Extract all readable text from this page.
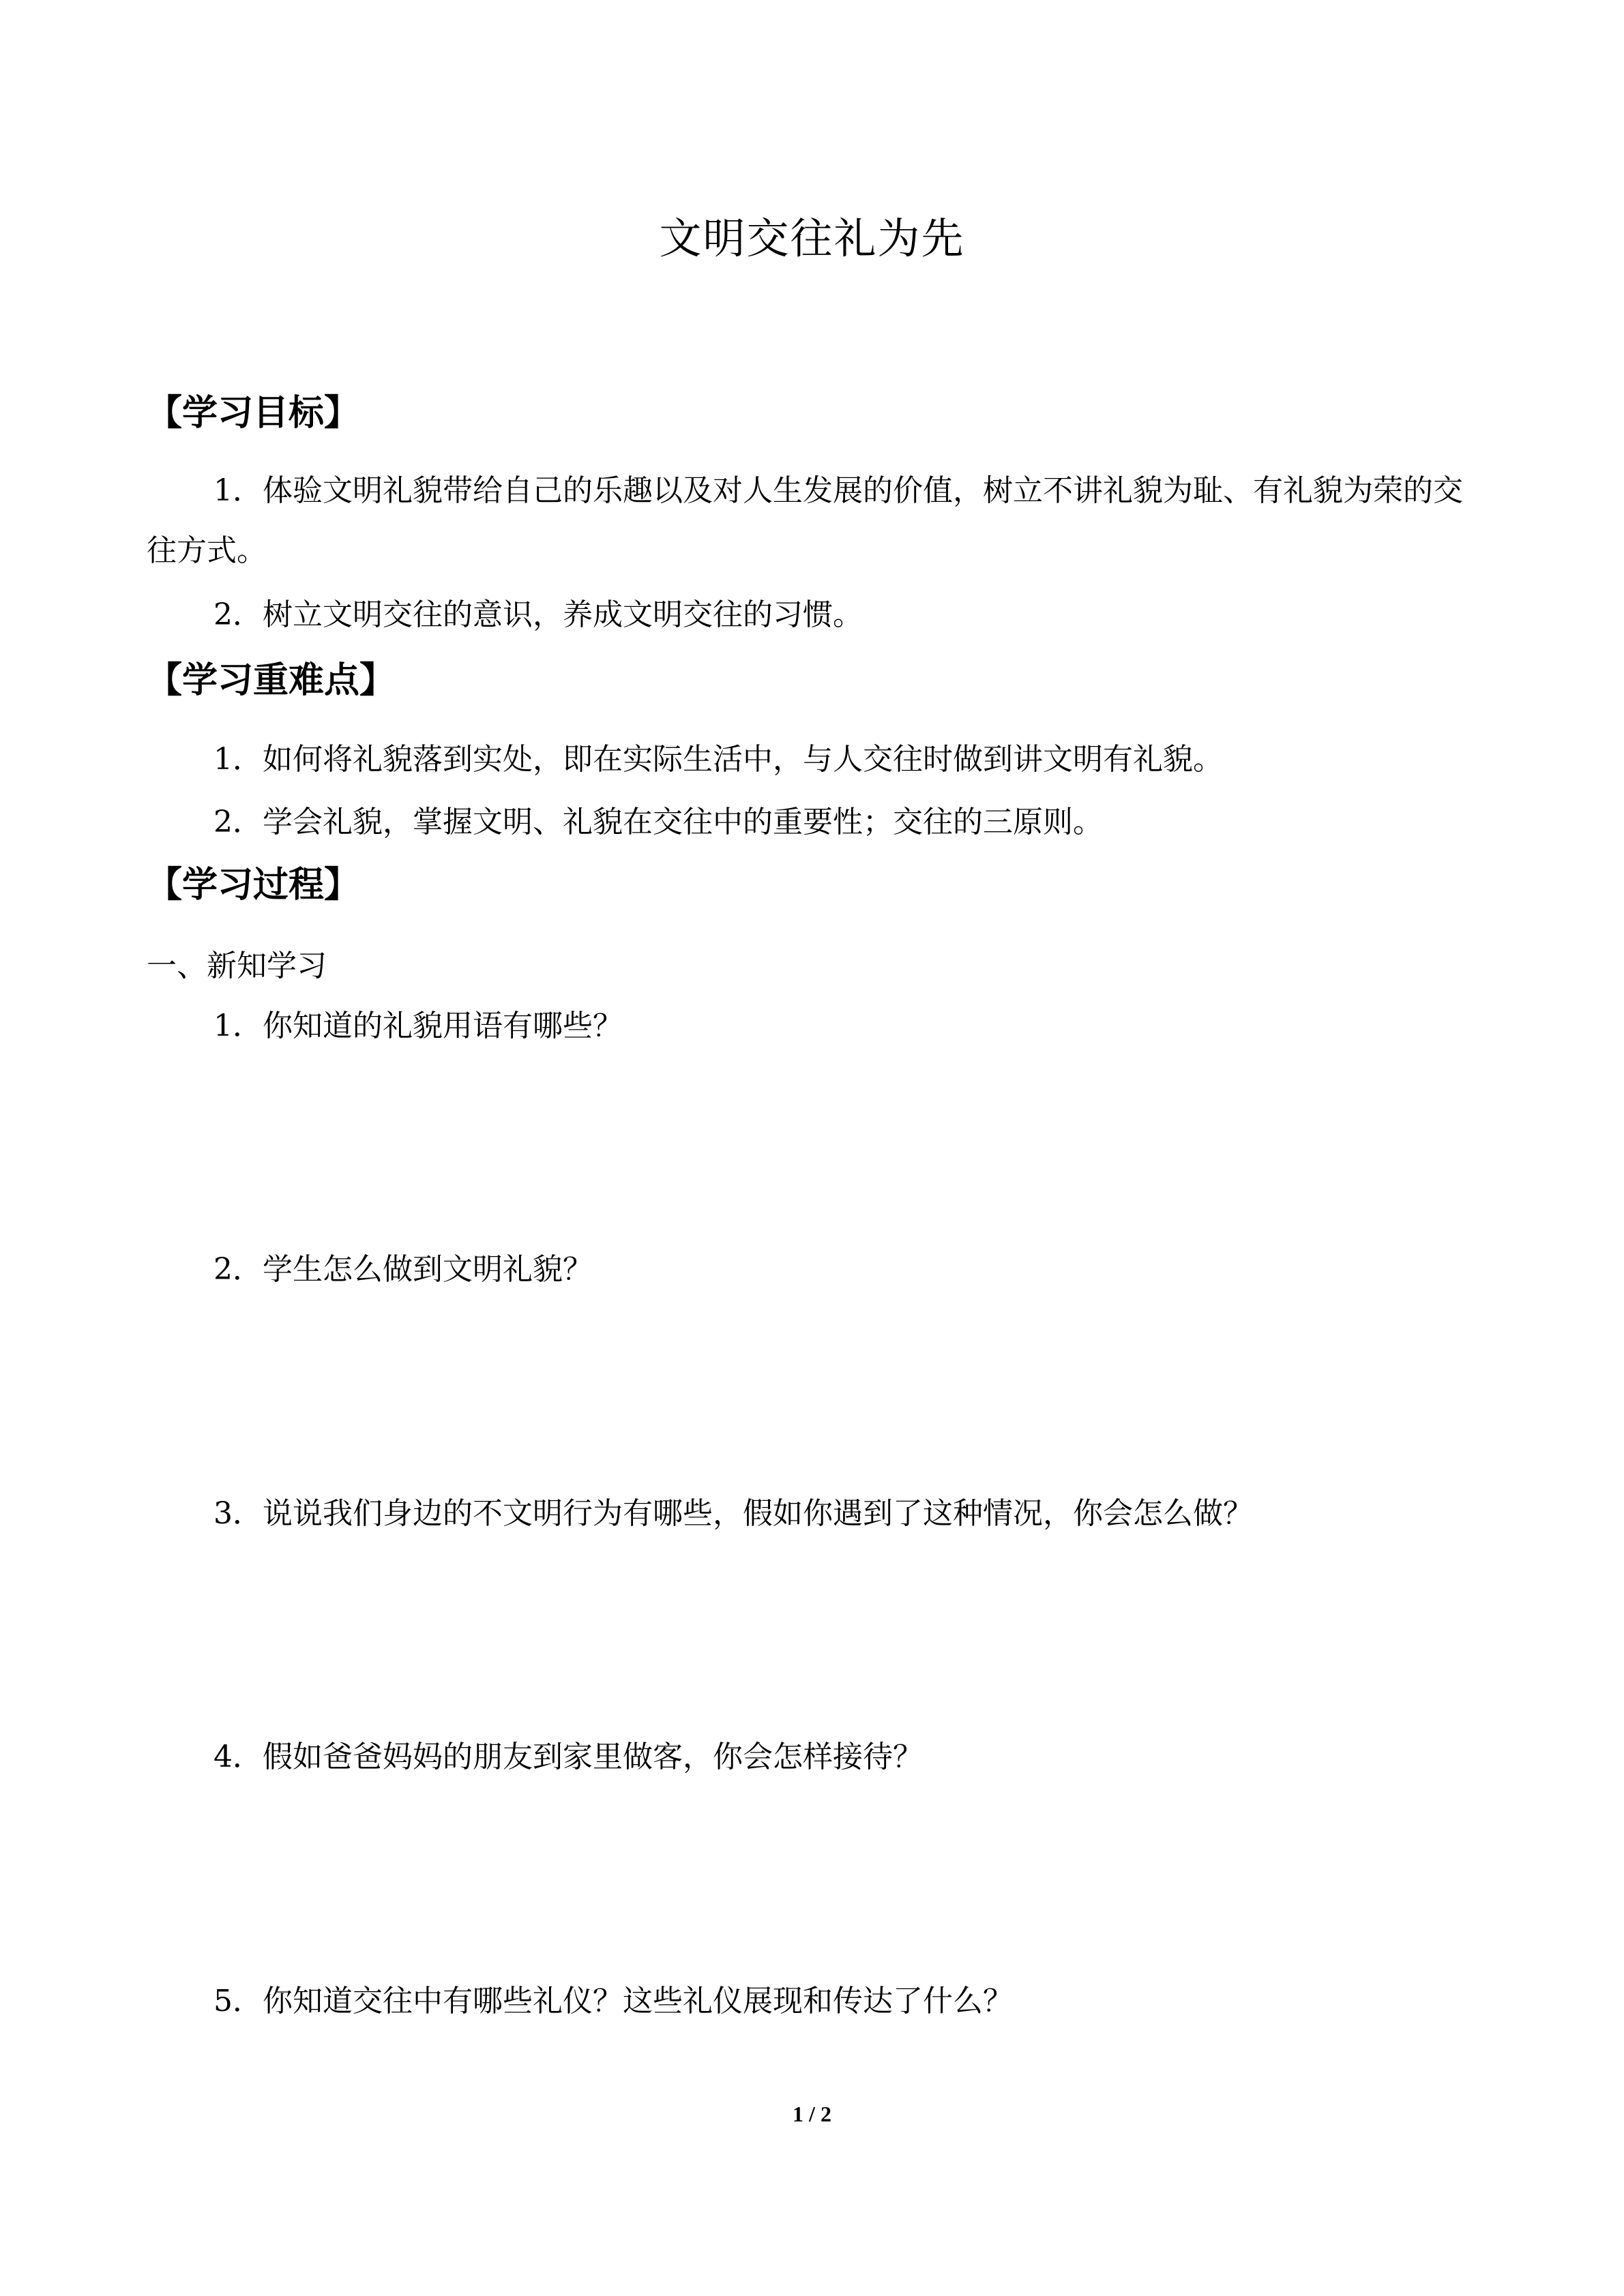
文明交往礼为先
【学习目标】
1．体验文明礼貌带给自己的乐趣以及对人生发展的价值，树立不讲礼貌为耻、有礼貌为荣的交往方式。
2．树立文明交往的意识，养成文明交往的习惯。
【学习重难点】
1．如何将礼貌落到实处，即在实际生活中，与人交往时做到讲文明有礼貌。
2．学会礼貌，掌握文明、礼貌在交往中的重要性；交往的三原则。
【学习过程】
一、新知学习
1．你知道的礼貌用语有哪些？
2．学生怎么做到文明礼貌？
3．说说我们身边的不文明行为有哪些，假如你遇到了这种情况，你会怎么做？
4．假如爸爸妈妈的朋友到家里做客，你会怎样接待？
5．你知道交往中有哪些礼仪？这些礼仪展现和传达了什么？
1 / 2
